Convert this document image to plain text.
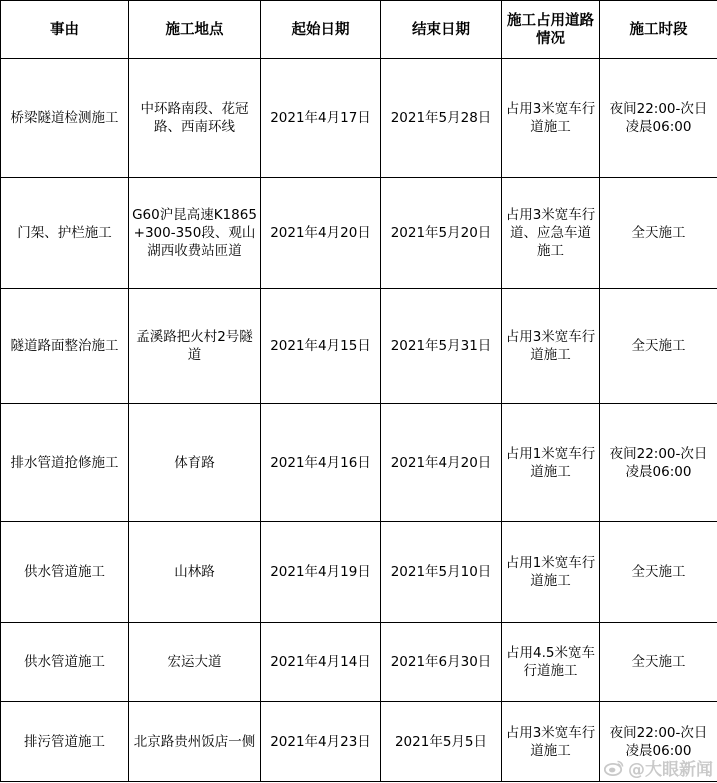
事由	施工地点	起始日期	结束日期	施工占用道路情况	施工时段
桥梁隧道检测施工	中环路南段、花冠路、西南环线	2021年4月17日	2021年5月28日	占用3米宽车行道施工	夜间22:00-次日凌晨06:00
门架、护栏施工	G60沪昆高速K1865+300-350段、观山湖西收费站匝道	2021年4月20日	2021年5月20日	占用3米宽车行道、应急车道施工	全天施工
隧道路面整治施工	孟溪路把火村2号隧道	2021年4月15日	2021年5月31日	占用3米宽车行道施工	全天施工
排水管道抢修施工	体育路	2021年4月16日	2021年4月20日	占用1米宽车行道施工	夜间22:00-次日凌晨06:00
供水管道施工	山林路	2021年4月19日	2021年5月10日	占用1米宽车行道施工	全天施工
供水管道施工	宏运大道	2021年4月14日	2021年6月30日	占用4.5米宽车行道施工	全天施工
排污管道施工	北京路贵州饭店一侧	2021年4月23日	2021年5月5日	占用3米宽车行道施工	夜间22:00-次日凌晨06:00
@大眼新闻
